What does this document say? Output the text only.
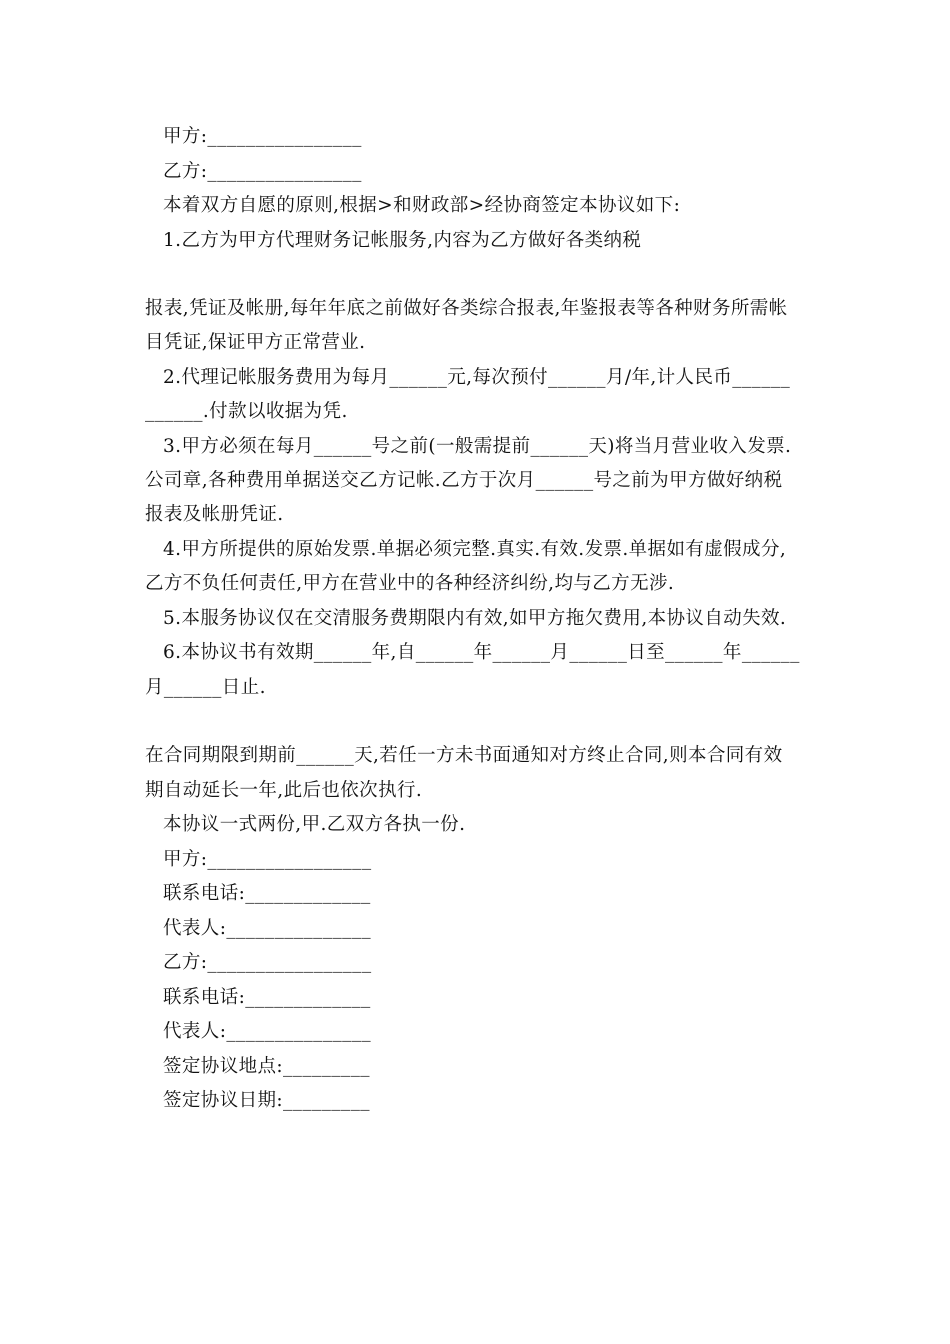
甲方:________________
乙方:________________
本着双方自愿的原则,根据>和财政部>经协商签定本协议如下:
1.乙方为甲方代理财务记帐服务,内容为乙方做好各类纳税
报表,凭证及帐册,每年年底之前做好各类综合报表,年鉴报表等各种财务所需帐
目凭证,保证甲方正常营业.
2.代理记帐服务费用为每月______元,每次预付______月/年,计人民币______
______.付款以收据为凭.
3.甲方必须在每月______号之前(一般需提前______天)将当月营业收入发票.
公司章,各种费用单据送交乙方记帐.乙方于次月______号之前为甲方做好纳税
报表及帐册凭证.
4.甲方所提供的原始发票.单据必须完整.真实.有效.发票.单据如有虚假成分,
乙方不负任何责任,甲方在营业中的各种经济纠纷,均与乙方无涉.
5.本服务协议仅在交清服务费期限内有效,如甲方拖欠费用,本协议自动失效.
6.本协议书有效期______年,自______年______月______日至______年______
月______日止.
在合同期限到期前______天,若任一方未书面通知对方终止合同,则本合同有效
期自动延长一年,此后也依次执行.
本协议一式两份,甲.乙双方各执一份.
甲方:_________________
联系电话:_____________
代表人:_______________
乙方:_________________
联系电话:_____________
代表人:_______________
签定协议地点:_________
签定协议日期:_________
